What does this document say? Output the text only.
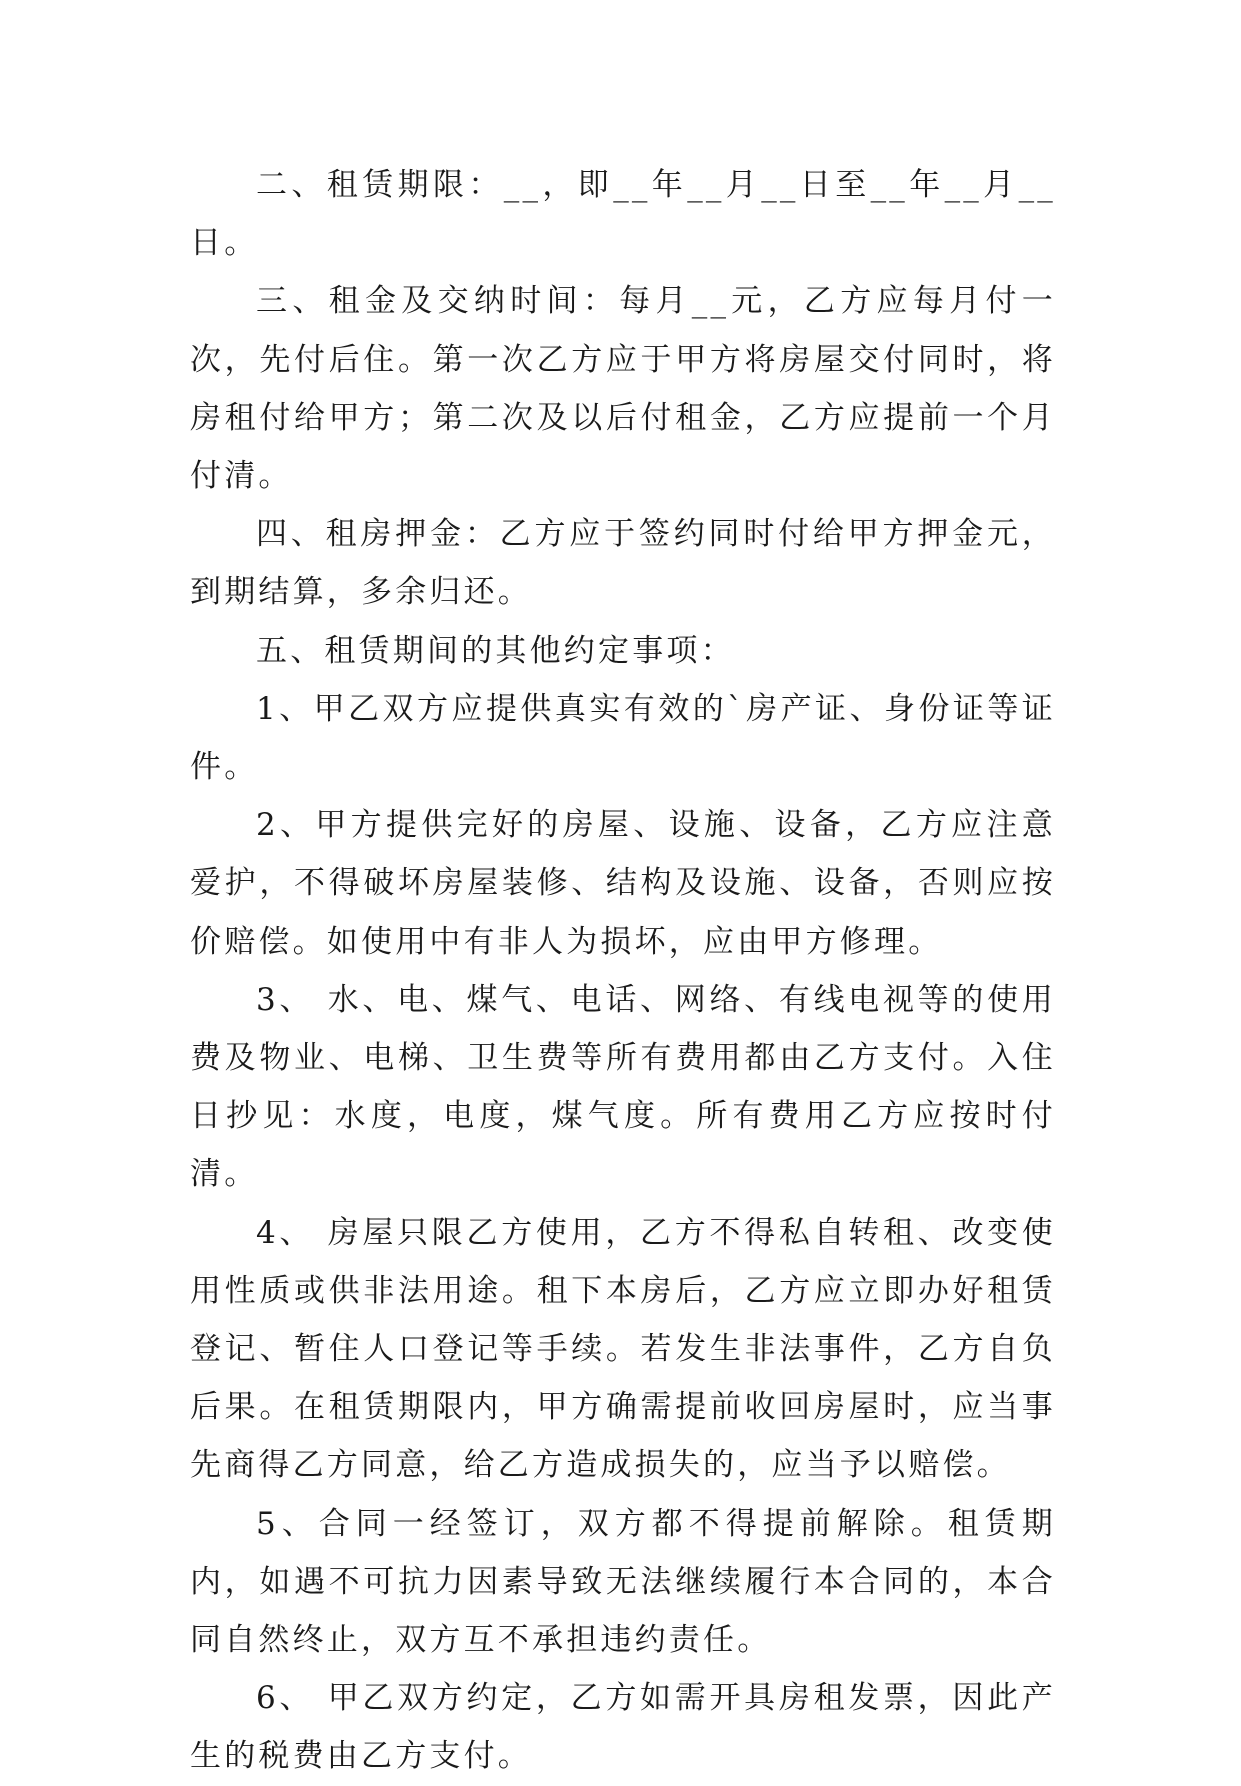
二、租赁期限：__，即__年__月__日至__年__月__日。

三、租金及交纳时间：每月__元，乙方应每月付一次，先付后住。第一次乙方应于甲方将房屋交付同时，将房租付给甲方；第二次及以后付租金，乙方应提前一个月付清。

四、租房押金：乙方应于签约同时付给甲方押金元，到期结算，多余归还。

五、租赁期间的其他约定事项：

1、甲乙双方应提供真实有效的`房产证、身份证等证件。

2、甲方提供完好的房屋、设施、设备，乙方应注意爱护，不得破坏房屋装修、结构及设施、设备，否则应按价赔偿。如使用中有非人为损坏，应由甲方修理。

3、 水、电、煤气、电话、网络、有线电视等的使用费及物业、电梯、卫生费等所有费用都由乙方支付。入住日抄见：水度，电度，煤气度。所有费用乙方应按时付清。

4、 房屋只限乙方使用，乙方不得私自转租、改变使用性质或供非法用途。租下本房后，乙方应立即办好租赁登记、暂住人口登记等手续。若发生非法事件，乙方自负后果。在租赁期限内，甲方确需提前收回房屋时，应当事先商得乙方同意，给乙方造成损失的，应当予以赔偿。

5、合同一经签订，双方都不得提前解除。租赁期内，如遇不可抗力因素导致无法继续履行本合同的，本合同自然终止，双方互不承担违约责任。

6、 甲乙双方约定，乙方如需开具房租发票，因此产生的税费由乙方支付。
